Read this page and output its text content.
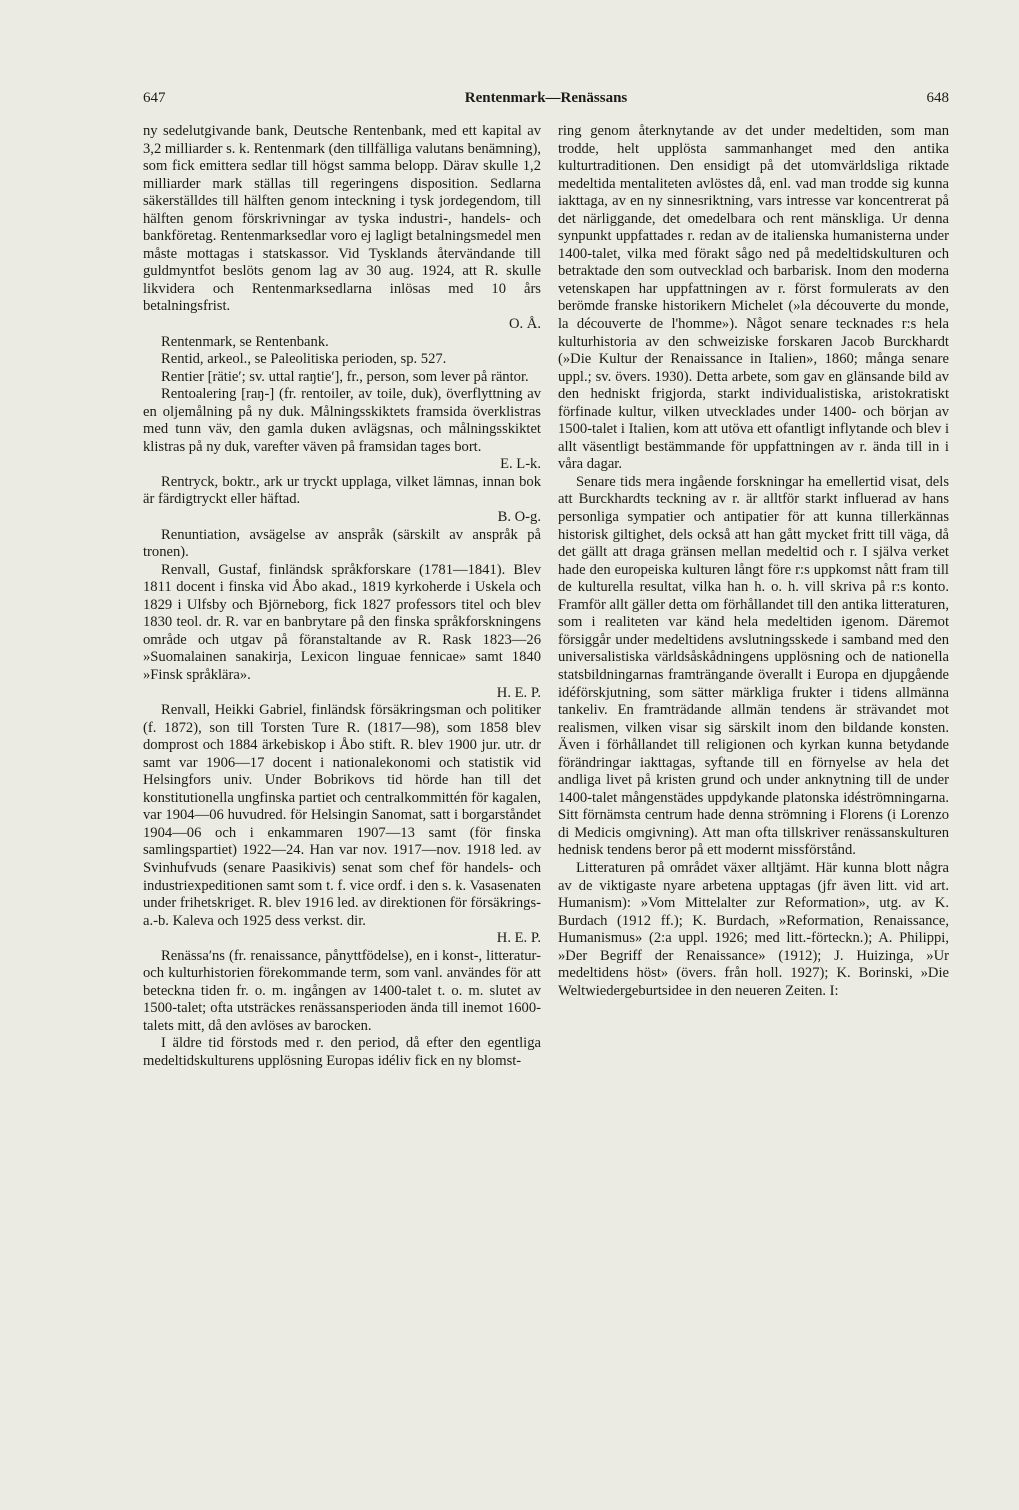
647	Rentenmark—Renässans	648

ny sedelutgivande bank, Deutsche Rentenbank, med ett kapital av 3,2 milliarder s. k. Rentenmark (den tillfälliga valutans benämning), som fick emittera sedlar till högst samma belopp. Därav skulle 1,2 milliarder mark ställas till regeringens disposition. Sedlarna säkerställdes till hälften genom inteckning i tysk jordegendom, till hälften genom förskrivningar av tyska industri-, handels- och bankföretag. Rentenmarksedlar voro ej lagligt betalningsmedel men måste mottagas i statskassor. Vid Tysklands återvändande till guldmyntfot beslöts genom lag av 30 aug. 1924, att R. skulle likvidera och Rentenmarksedlarna inlösas med 10 års betalningsfrist.
O. Å.

Rentenmark, se Rentenbank.

Rentid, arkeol., se Paleolitiska perioden, sp. 527.

Rentier [rätie′; sv. uttal raŋtie′], fr., person, som lever på räntor.

Rentoalering [raŋ-] (fr. rentoiler, av toile, duk), överflyttning av en oljemålning på ny duk. Målningsskiktets framsida överklistras med tunn väv, den gamla duken avlägsnas, och målningsskiktet klistras på ny duk, varefter väven på framsidan tages bort.
E. L-k.

Rentryck, boktr., ark ur tryckt upplaga, vilket lämnas, innan bok är färdigtryckt eller häftad.
B. O-g.

Renuntiation, avsägelse av anspråk (särskilt av anspråk på tronen).

Renvall, Gustaf, finländsk språkforskare (1781—1841). Blev 1811 docent i finska vid Åbo akad., 1819 kyrkoherde i Uskela och 1829 i Ulfsby och Björneborg, fick 1827 professors titel och blev 1830 teol. dr. R. var en banbrytare på den finska språkforskningens område och utgav på föranstaltande av R. Rask 1823—26 »Suomalainen sanakirja, Lexicon linguae fennicae» samt 1840 »Finsk språklära».
H. E. P.

Renvall, Heikki Gabriel, finländsk försäkringsman och politiker (f. 1872), son till Torsten Ture R. (1817—98), som 1858 blev domprost och 1884 ärkebiskop i Åbo stift. R. blev 1900 jur. utr. dr samt var 1906—17 docent i nationalekonomi och statistik vid Helsingfors univ. Under Bobrikovs tid hörde han till det konstitutionella ungfinska partiet och centralkommittén för kagalen, var 1904—06 huvudred. för Helsingin Sanomat, satt i borgarståndet 1904—06 och i enkammaren 1907—13 samt (för finska samlingspartiet) 1922—24. Han var nov. 1917—nov. 1918 led. av Svinhufvuds (senare Paasikivis) senat som chef för handels- och industriexpeditionen samt som t. f. vice ordf. i den s. k. Vasasenaten under frihetskriget. R. blev 1916 led. av direktionen för försäkrings-a.-b. Kaleva och 1925 dess verkst. dir.
H. E. P.

Renässa′ns (fr. renaissance, pånyttfödelse), en i konst-, litteratur- och kulturhistorien förekommande term, som vanl. användes för att beteckna tiden fr. o. m. ingången av 1400-talet t. o. m. slutet av 1500-talet; ofta utsträckes renässansperioden ända till inemot 1600-talets mitt, då den avlöses av barocken.

I äldre tid förstods med r. den period, då efter den egentliga medeltidskulturens upplösning Europas idéliv fick en ny blomst-

ring genom återknytande av det under medeltiden, som man trodde, helt upplösta sammanhanget med den antika kulturtraditionen. Den ensidigt på det utomvärldsliga riktade medeltida mentaliteten avlöstes då, enl. vad man trodde sig kunna iakttaga, av en ny sinnesriktning, vars intresse var koncentrerat på det närliggande, det omedelbara och rent mänskliga. Ur denna synpunkt uppfattades r. redan av de italienska humanisterna under 1400-talet, vilka med förakt sågo ned på medeltidskulturen och betraktade den som outvecklad och barbarisk. Inom den moderna vetenskapen har uppfattningen av r. först formulerats av den berömde franske historikern Michelet (»la découverte du monde, la découverte de l'homme»). Något senare tecknades r:s hela kulturhistoria av den schweiziske forskaren Jacob Burckhardt (»Die Kultur der Renaissance in Italien», 1860; många senare uppl.; sv. övers. 1930). Detta arbete, som gav en glänsande bild av den hedniskt frigjorda, starkt individualistiska, aristokratiskt förfinade kultur, vilken utvecklades under 1400- och början av 1500-talet i Italien, kom att utöva ett ofantligt inflytande och blev i allt väsentligt bestämmande för uppfattningen av r. ända till in i våra dagar.

Senare tids mera ingående forskningar ha emellertid visat, dels att Burckhardts teckning av r. är alltför starkt influerad av hans personliga sympatier och antipatier för att kunna tillerkännas historisk giltighet, dels också att han gått mycket fritt till väga, då det gällt att draga gränsen mellan medeltid och r. I själva verket hade den europeiska kulturen långt före r:s uppkomst nått fram till de kulturella resultat, vilka han h. o. h. vill skriva på r:s konto. Framför allt gäller detta om förhållandet till den antika litteraturen, som i realiteten var känd hela medeltiden igenom. Däremot försiggår under medeltidens avslutningsskede i samband med den universalistiska världsåskådningens upplösning och de nationella statsbildningarnas framträngande överallt i Europa en djupgående idéförskjutning, som sätter märkliga frukter i tidens allmänna tankeliv. En framträdande allmän tendens är strävandet mot realismen, vilken visar sig särskilt inom den bildande konsten. Även i förhållandet till religionen och kyrkan kunna betydande förändringar iakttagas, syftande till en förnyelse av hela det andliga livet på kristen grund och under anknytning till de under 1400-talet mångenstädes uppdykande platonska idéströmningarna. Sitt förnämsta centrum hade denna strömning i Florens (i Lorenzo di Medicis omgivning). Att man ofta tillskriver renässanskulturen hednisk tendens beror på ett modernt missförstånd.

Litteraturen på området växer alltjämt. Här kunna blott några av de viktigaste nyare arbetena upptagas (jfr även litt. vid art. Humanism): »Vom Mittelalter zur Reformation», utg. av K. Burdach (1912 ff.); K. Burdach, »Reformation, Renaissance, Humanismus» (2:a uppl. 1926; med litt.-förteckn.); A. Philippi, »Der Begriff der Renaissance» (1912); J. Huizinga, »Ur medeltidens höst» (övers. från holl. 1927); K. Borinski, »Die Weltwiedergeburtsidee in den neueren Zeiten. I:
